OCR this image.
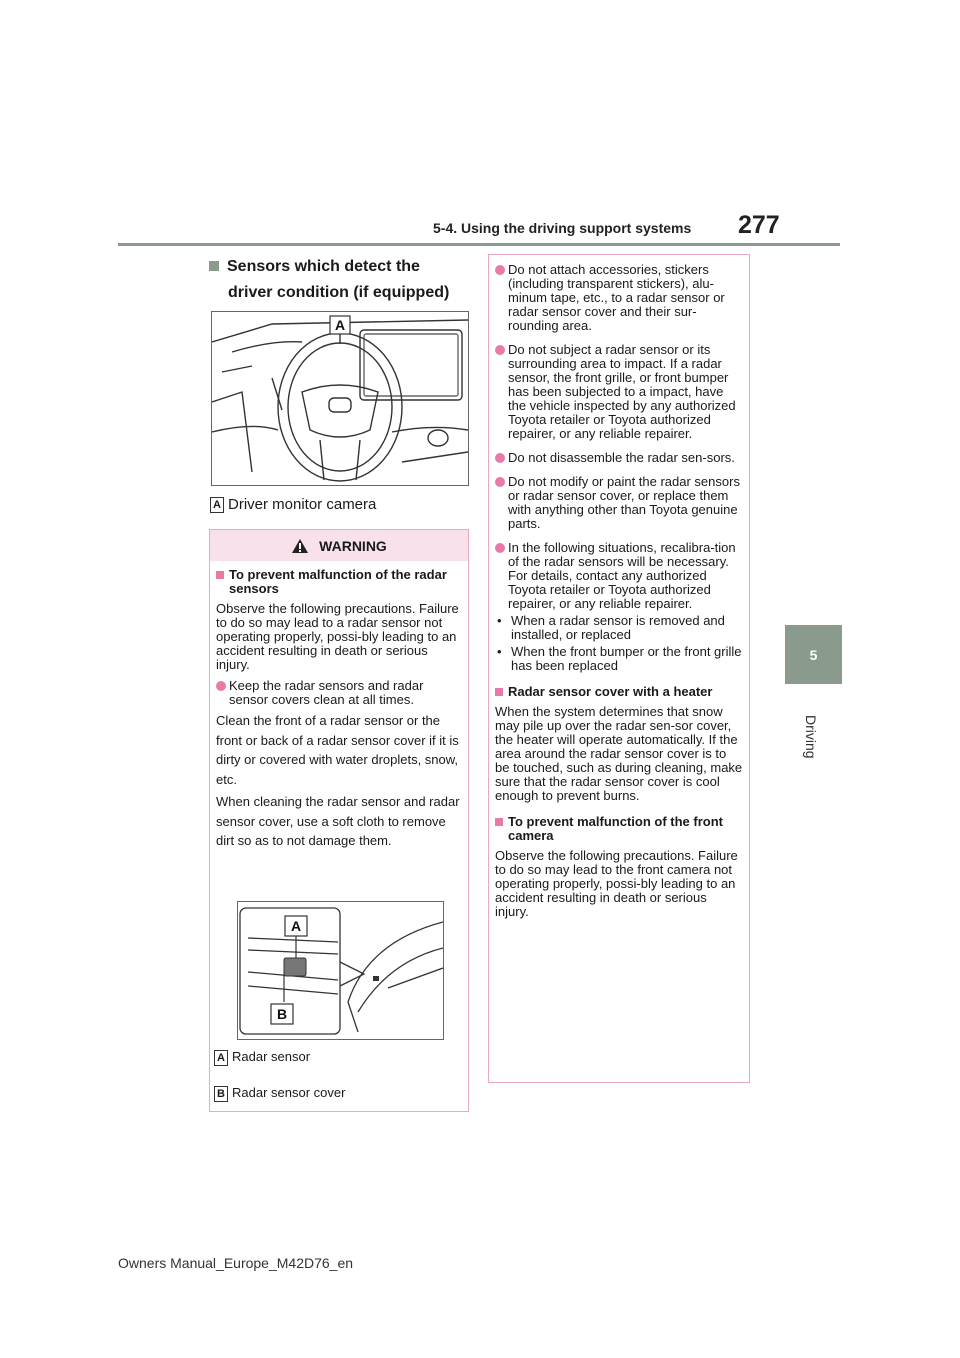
5-4. Using the driving support systems 277
5
Driving
Sensors which detect the
driver condition (if equipped)
A
A Driver monitor camera
WARNING
To prevent malfunction of the radar sensors
Observe the following precautions. Failure to do so may lead to a radar sensor not operating properly, possi-bly leading to an accident resulting in death or serious injury.
Keep the radar sensors and radar sensor covers clean at all times.
Clean the front of a radar sensor or the front or back of a radar sensor cover if it is dirty or covered with water droplets, snow, etc.
When cleaning the radar sensor and radar sensor cover, use a soft cloth to remove dirt so as to not damage them.
A
B
A Radar sensor
B Radar sensor cover
Do not attach accessories, stickers (including transparent stickers), alu-minum tape, etc., to a radar sensor or radar sensor cover and their sur-rounding area.
Do not subject a radar sensor or its surrounding area to impact. If a radar sensor, the front grille, or front bumper has been subjected to a impact, have the vehicle inspected by any authorized Toyota retailer or Toyota authorized repairer, or any reliable repairer.
Do not disassemble the radar sen-sors.
Do not modify or paint the radar sensors or radar sensor cover, or replace them with anything other than Toyota genuine parts.
In the following situations, recalibra-tion of the radar sensors will be necessary. For details, contact any authorized Toyota retailer or Toyota authorized repairer, or any reliable repairer.
• When a radar sensor is removed and installed, or replaced
• When the front bumper or the front grille has been replaced
Radar sensor cover with a heater
When the system determines that snow may pile up over the radar sen-sor cover, the heater will operate automatically. If the area around the radar sensor cover is to be touched, such as during cleaning, make sure that the radar sensor cover is cool enough to prevent burns.
To prevent malfunction of the front camera
Observe the following precautions. Failure to do so may lead to the front camera not operating properly, possi-bly leading to an accident resulting in death or serious injury.
Owners Manual_Europe_M42D76_en
